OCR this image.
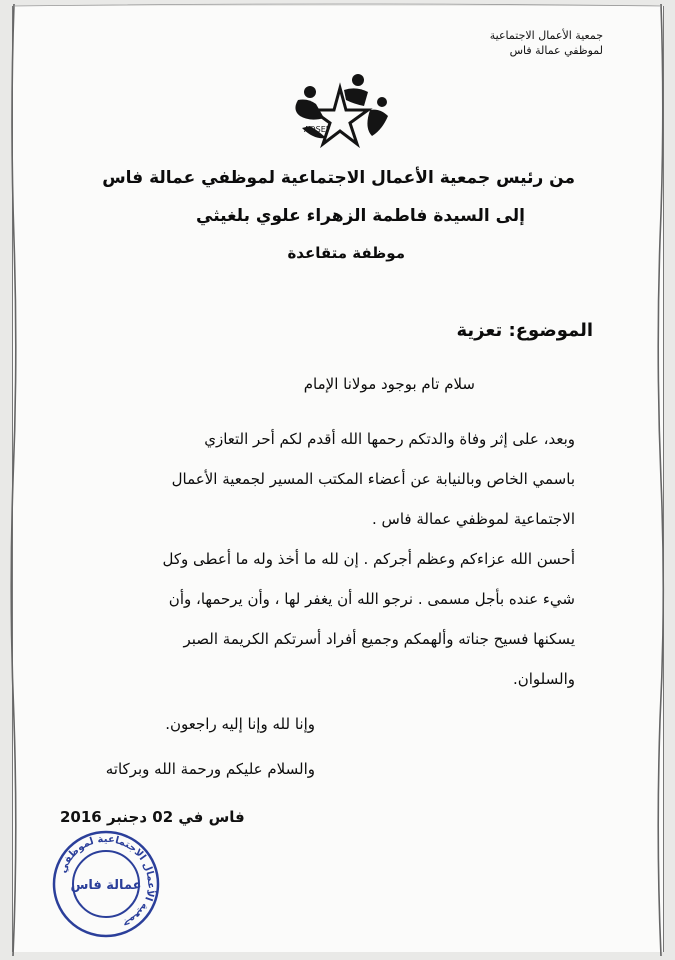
جمعية الأعمال الاجتماعية
لموظفي عمالة فاس
AOSEF
من رئيس جمعية الأعمال الاجتماعية لموظفي عمالة فاس
إلى السيدة فاطمة الزهراء علوي بلغيثي
موظفة متقاعدة
الموضوع: تعزية
سلام تام بوجود مولانا الإمام
وبعد، على إثر وفاة والدتكم رحمها الله أقدم لكم أحر التعازي
باسمي الخاص وبالنيابة عن أعضاء المكتب المسير لجمعية الأعمال
الاجتماعية لموظفي عمالة فاس .
أحسن الله عزاءكم وعظم أجركم . إن لله ما أخذ وله ما أعطى وكل
شيء عنده بأجل مسمى . نرجو الله أن يغفر لها ، وأن يرحمها، وأن
يسكنها فسيح جناته وألهمكم وجميع أفراد أسرتكم الكريمة الصبر
والسلوان.
وإنا لله وإنا إليه راجعون.
والسلام عليكم ورحمة الله وبركاته
فاس في 02 دجنبر 2016
جمعية الأعمال الاجتماعية لموظفي
عمالة فاس
